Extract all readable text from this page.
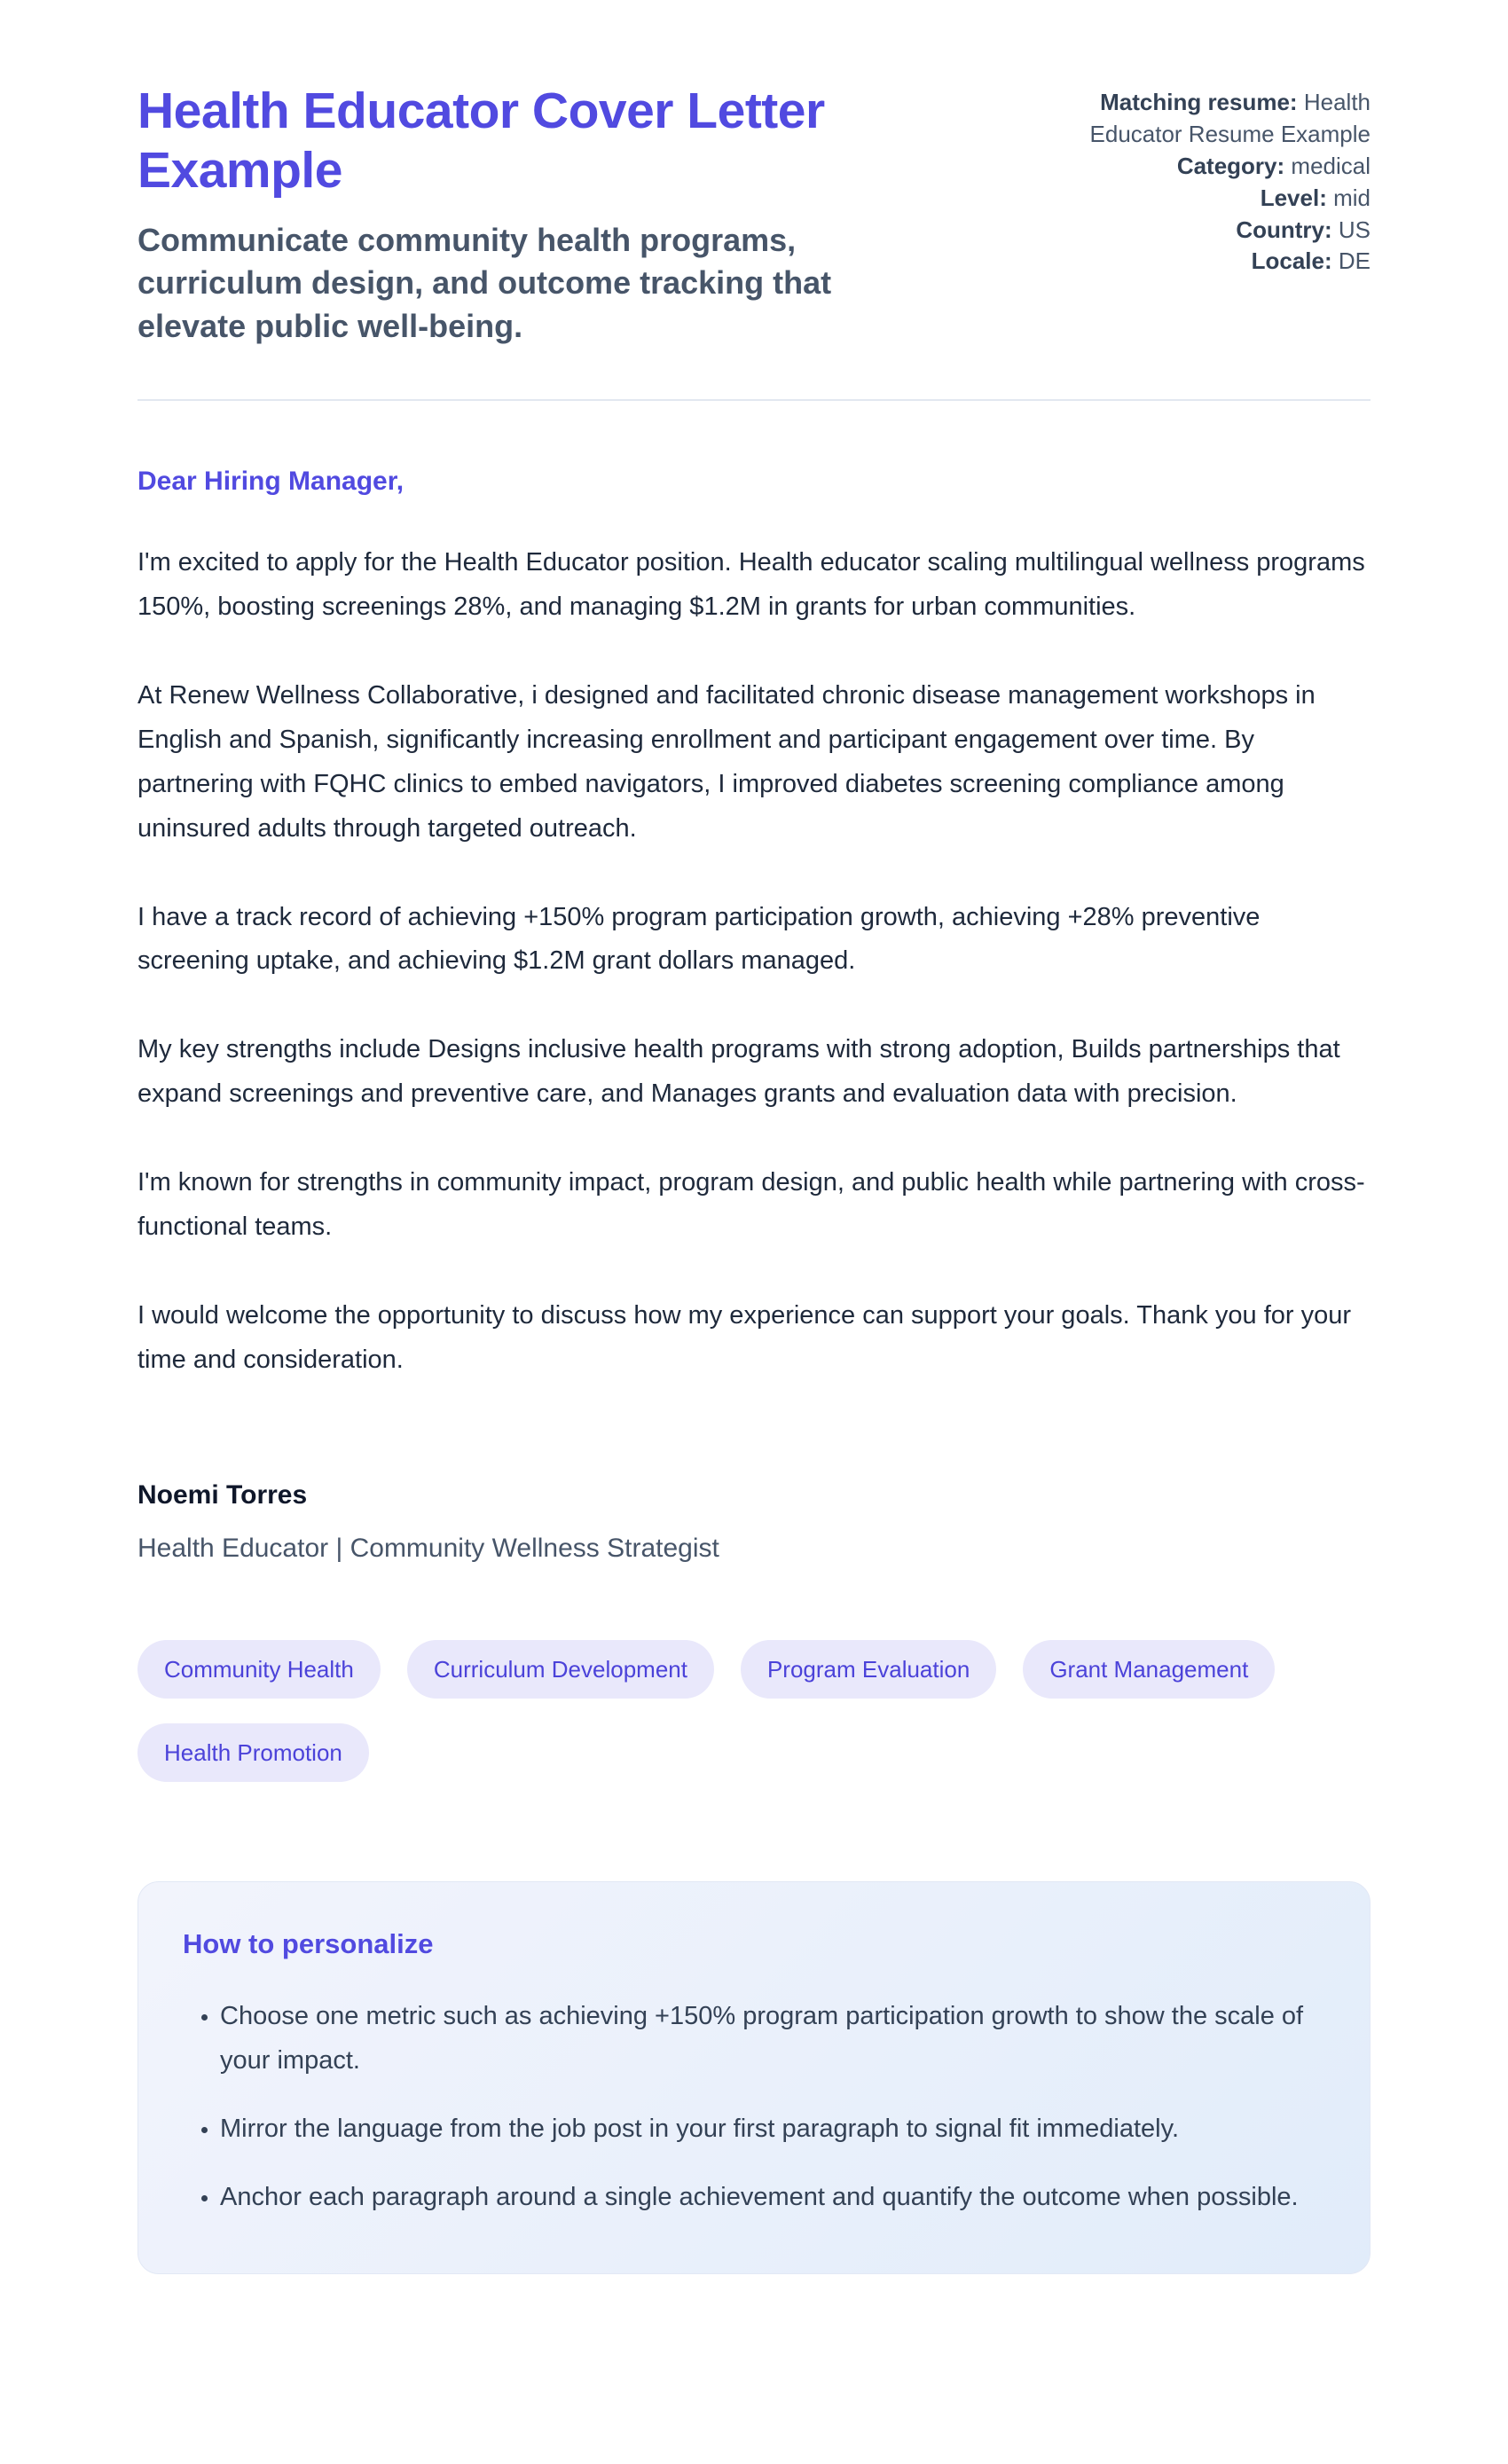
Health Educator Cover Letter Example
Communicate community health programs, curriculum design, and outcome tracking that elevate public well-being.
Matching resume: Health Educator Resume Example
Category: medical
Level: mid
Country: US
Locale: DE
Dear Hiring Manager,

I'm excited to apply for the Health Educator position. Health educator scaling multilingual wellness programs 150%, boosting screenings 28%, and managing $1.2M in grants for urban communities.

At Renew Wellness Collaborative, i designed and facilitated chronic disease management workshops in English and Spanish, significantly increasing enrollment and participant engagement over time. By partnering with FQHC clinics to embed navigators, I improved diabetes screening compliance among uninsured adults through targeted outreach.

I have a track record of achieving +150% program participation growth, achieving +28% preventive screening uptake, and achieving $1.2M grant dollars managed.

My key strengths include Designs inclusive health programs with strong adoption, Builds partnerships that expand screenings and preventive care, and Manages grants and evaluation data with precision.

I'm known for strengths in community impact, program design, and public health while partnering with cross-functional teams.

I would welcome the opportunity to discuss how my experience can support your goals. Thank you for your time and consideration.

Noemi Torres
Health Educator | Community Wellness Strategist
Community Health	Curriculum Development	Program Evaluation	Grant Management
Health Promotion
How to personalize
• Choose one metric such as achieving +150% program participation growth to show the scale of your impact.
• Mirror the language from the job post in your first paragraph to signal fit immediately.
• Anchor each paragraph around a single achievement and quantify the outcome when possible.
